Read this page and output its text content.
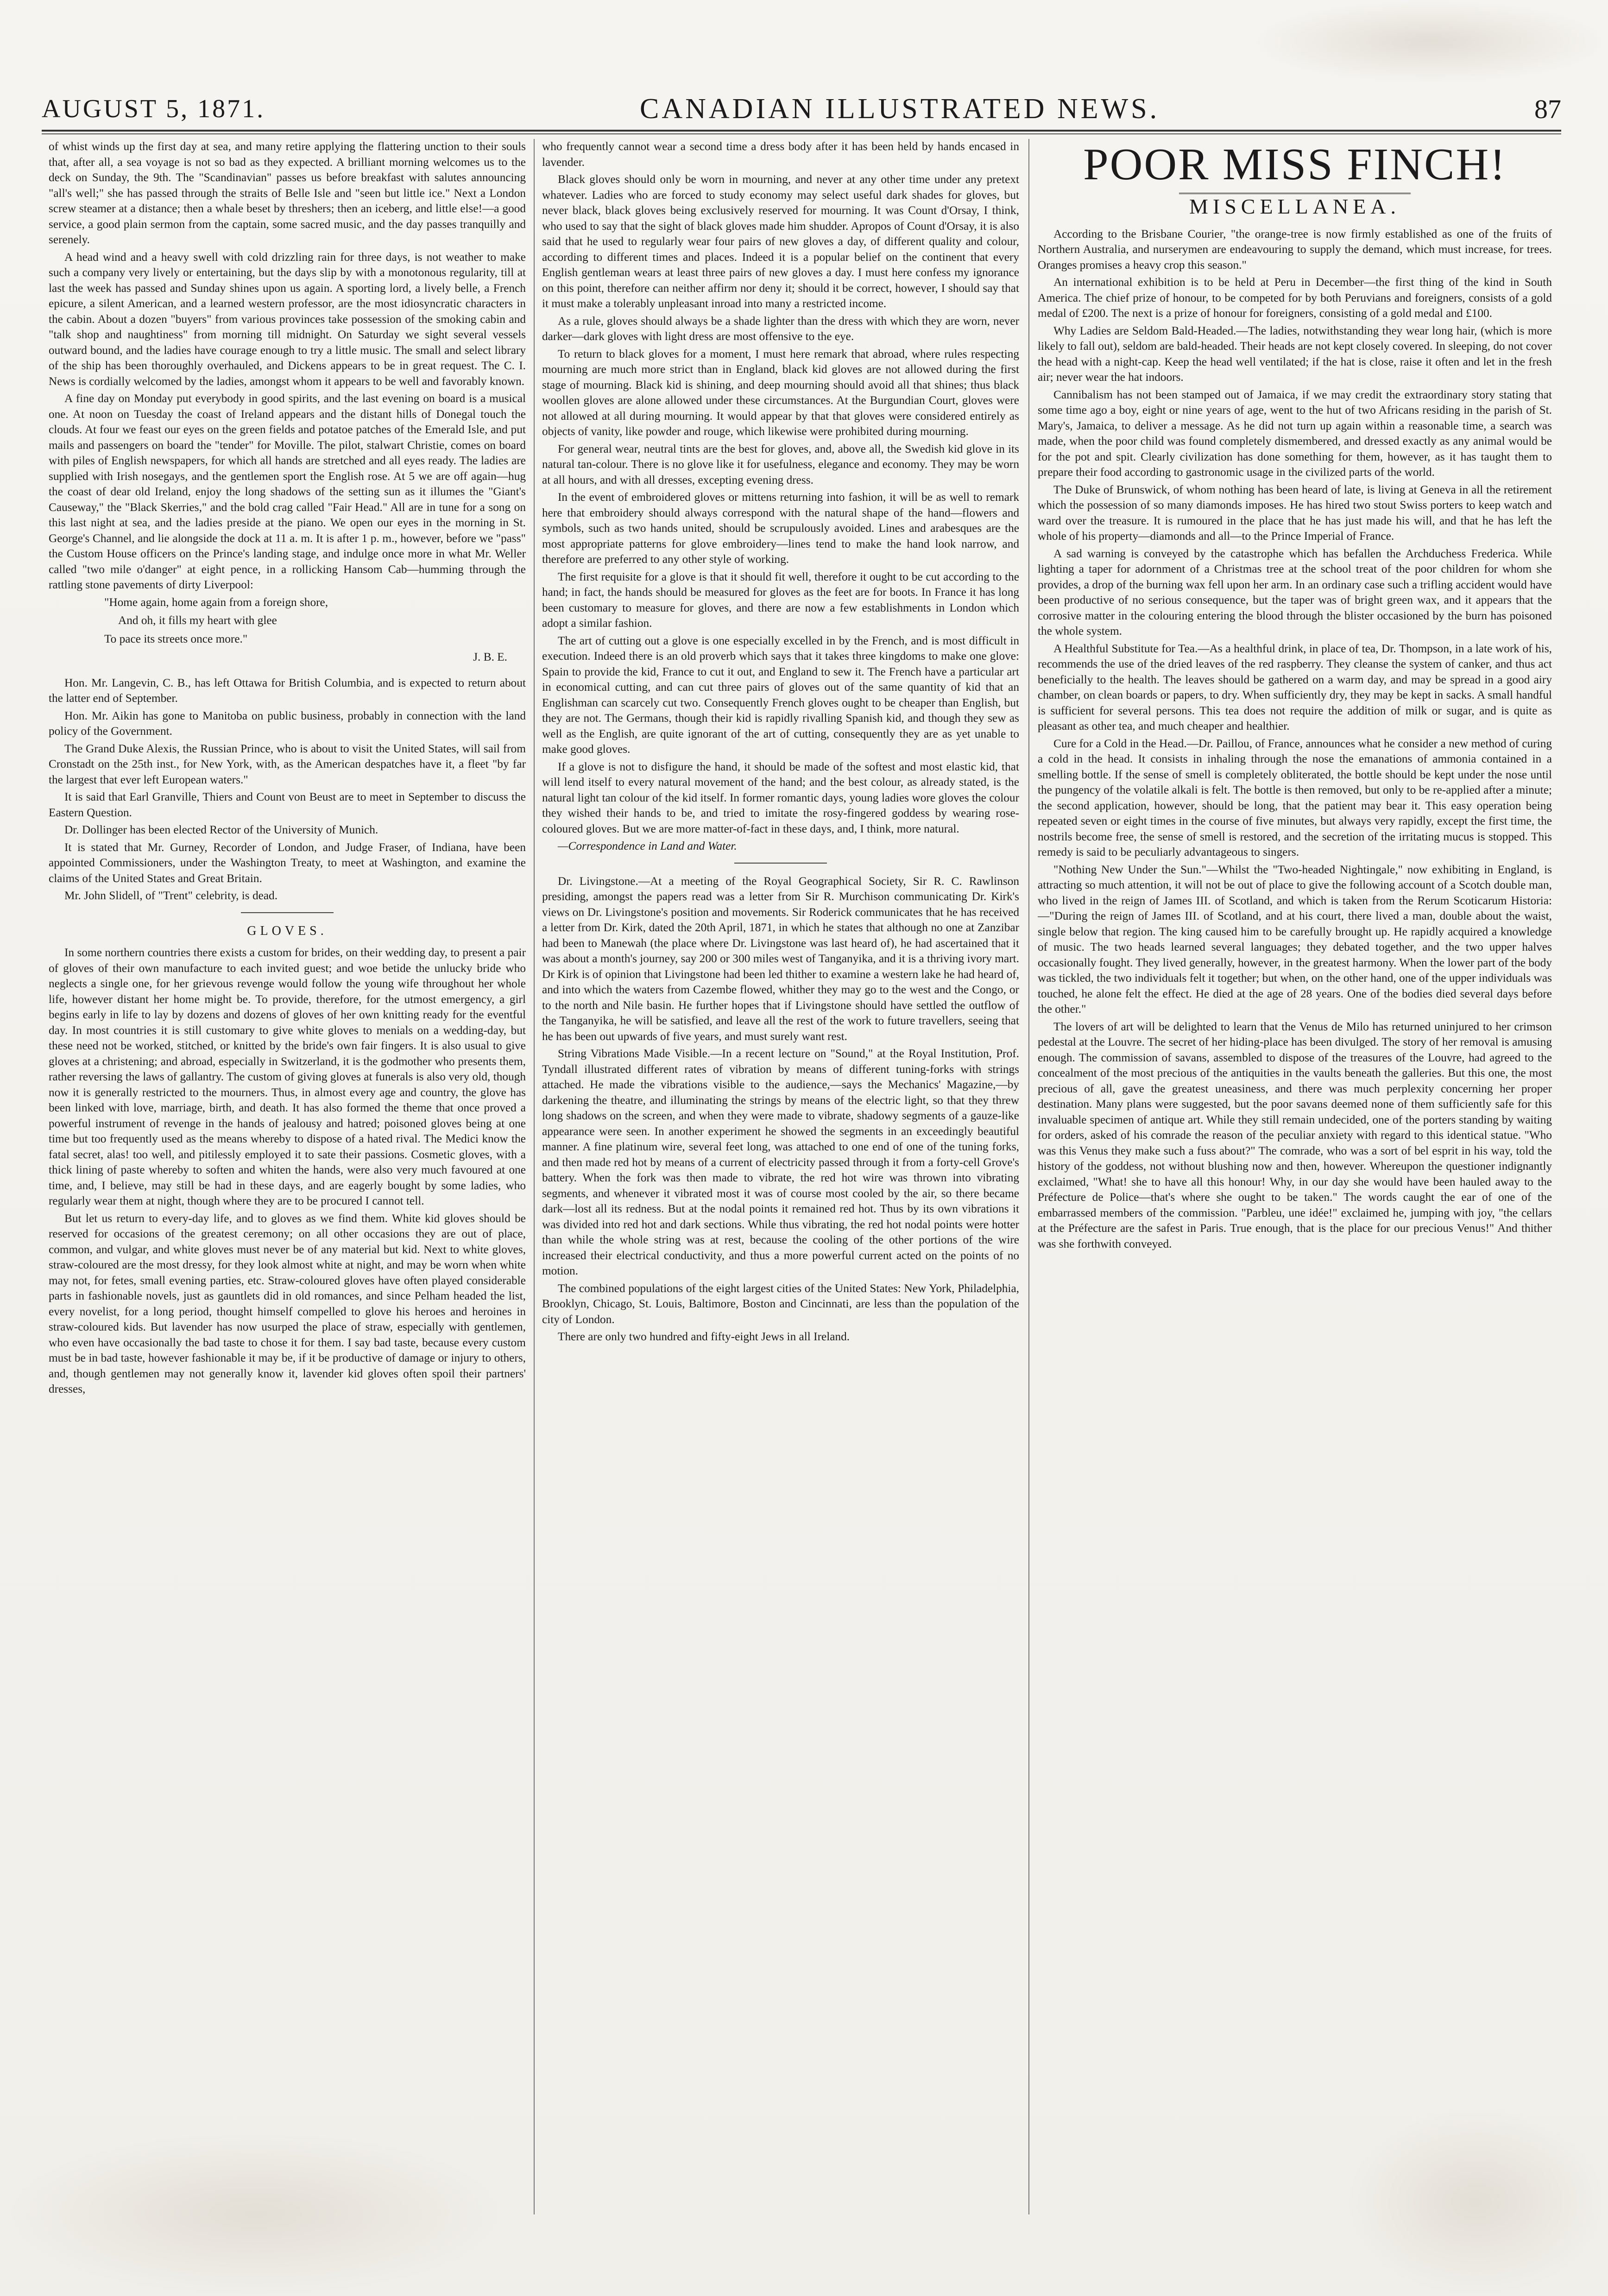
AUGUST 5, 1871.	CANADIAN ILLUSTRATED NEWS.	87

of whist winds up the first day at sea, and many retire applying the flattering unction to their souls that, after all, a sea voyage is not so bad as they expected. A brilliant morning welcomes us to the deck on Sunday, the 9th. The "Scandinavian" passes us before breakfast with salutes announcing "all's well;" she has passed through the straits of Belle Isle and "seen but little ice." Next a London screw steamer at a distance; then a whale beset by threshers; then an iceberg, and little else!—a good service, a good plain sermon from the captain, some sacred music, and the day passes tranquilly and serenely.

A head wind and a heavy swell with cold drizzling rain for three days, is not weather to make such a company very lively or entertaining, but the days slip by with a monotonous regularity, till at last the week has passed and Sunday shines upon us again. A sporting lord, a lively belle, a French epicure, a silent American, and a learned western professor, are the most idiosyncratic characters in the cabin. About a dozen "buyers" from various provinces take possession of the smoking cabin and "talk shop and naughtiness" from morning till midnight. On Saturday we sight several vessels outward bound, and the ladies have courage enough to try a little music. The small and select library of the ship has been thoroughly overhauled, and Dickens appears to be in great request. The C. I. News is cordially welcomed by the ladies, amongst whom it appears to be well and favorably known.

A fine day on Monday put everybody in good spirits, and the last evening on board is a musical one. At noon on Tuesday the coast of Ireland appears and the distant hills of Donegal touch the clouds. At four we feast our eyes on the green fields and potatoe patches of the Emerald Isle, and put mails and passengers on board the "tender" for Moville. The pilot, stalwart Christie, comes on board with piles of English newspapers, for which all hands are stretched and all eyes ready. The ladies are supplied with Irish nosegays, and the gentlemen sport the English rose. At 5 we are off again—hug the coast of dear old Ireland, enjoy the long shadows of the setting sun as it illumes the "Giant's Causeway," the "Black Skerries," and the bold crag called "Fair Head." All are in tune for a song on this last night at sea, and the ladies preside at the piano. We open our eyes in the morning in St. George's Channel, and lie alongside the dock at 11 a. m. It is after 1 p. m., however, before we "pass" the Custom House officers on the Prince's landing stage, and indulge once more in what Mr. Weller called "two mile o'danger" at eight pence, in a rollicking Hansom Cab—humming through the rattling stone pavements of dirty Liverpool:

"Home again, home again from a foreign shore,

And oh, it fills my heart with glee

To pace its streets once more."

J. B. E.

Hon. Mr. Langevin, C. B., has left Ottawa for British Columbia, and is expected to return about the latter end of September.

Hon. Mr. Aikin has gone to Manitoba on public business, probably in connection with the land policy of the Government.

The Grand Duke Alexis, the Russian Prince, who is about to visit the United States, will sail from Cronstadt on the 25th inst., for New York, with, as the American despatches have it, a fleet "by far the largest that ever left European waters."

It is said that Earl Granville, Thiers and Count von Beust are to meet in September to discuss the Eastern Question.

Dr. Dollinger has been elected Rector of the University of Munich.

It is stated that Mr. Gurney, Recorder of London, and Judge Fraser, of Indiana, have been appointed Commissioners, under the Washington Treaty, to meet at Washington, and examine the claims of the United States and Great Britain.

Mr. John Slidell, of "Trent" celebrity, is dead.

GLOVES.

In some northern countries there exists a custom for brides, on their wedding day, to present a pair of gloves of their own manufacture to each invited guest; and woe betide the unlucky bride who neglects a single one, for her grievous revenge would follow the young wife throughout her whole life, however distant her home might be. To provide, therefore, for the utmost emergency, a girl begins early in life to lay by dozens and dozens of gloves of her own knitting ready for the eventful day. In most countries it is still customary to give white gloves to menials on a wedding-day, but these need not be worked, stitched, or knitted by the bride's own fair fingers. It is also usual to give gloves at a christening; and abroad, especially in Switzerland, it is the godmother who presents them, rather reversing the laws of gallantry. The custom of giving gloves at funerals is also very old, though now it is generally restricted to the mourners. Thus, in almost every age and country, the glove has been linked with love, marriage, birth, and death. It has also formed the theme that once proved a powerful instrument of revenge in the hands of jealousy and hatred; poisoned gloves being at one time but too frequently used as the means whereby to dispose of a hated rival. The Medici know the fatal secret, alas! too well, and pitilessly employed it to sate their passions. Cosmetic gloves, with a thick lining of paste whereby to soften and whiten the hands, were also very much favoured at one time, and, I believe, may still be had in these days, and are eagerly bought by some ladies, who regularly wear them at night, though where they are to be procured I cannot tell.

But let us return to every-day life, and to gloves as we find them. White kid gloves should be reserved for occasions of the greatest ceremony; on all other occasions they are out of place, common, and vulgar, and white gloves must never be of any material but kid. Next to white gloves, straw-coloured are the most dressy, for they look almost white at night, and may be worn when white may not, for fetes, small evening parties, etc. Straw-coloured gloves have often played considerable parts in fashionable novels, just as gauntlets did in old romances, and since Pelham headed the list, every novelist, for a long period, thought himself compelled to glove his heroes and heroines in straw-coloured kids. But lavender has now usurped the place of straw, especially with gentlemen, who even have occasionally the bad taste to chose it for them. I say bad taste, because every custom must be in bad taste, however fashionable it may be, if it be productive of damage or injury to others, and, though gentlemen may not generally know it, lavender kid gloves often spoil their partners' dresses,

who frequently cannot wear a second time a dress body after it has been held by hands encased in lavender.

Black gloves should only be worn in mourning, and never at any other time under any pretext whatever. Ladies who are forced to study economy may select useful dark shades for gloves, but never black, black gloves being exclusively reserved for mourning. It was Count d'Orsay, I think, who used to say that the sight of black gloves made him shudder. Apropos of Count d'Orsay, it is also said that he used to regularly wear four pairs of new gloves a day, of different quality and colour, according to different times and places. Indeed it is a popular belief on the continent that every English gentleman wears at least three pairs of new gloves a day. I must here confess my ignorance on this point, therefore can neither affirm nor deny it; should it be correct, however, I should say that it must make a tolerably unpleasant inroad into many a restricted income.

As a rule, gloves should always be a shade lighter than the dress with which they are worn, never darker—dark gloves with light dress are most offensive to the eye.

To return to black gloves for a moment, I must here remark that abroad, where rules respecting mourning are much more strict than in England, black kid gloves are not allowed during the first stage of mourning. Black kid is shining, and deep mourning should avoid all that shines; thus black woollen gloves are alone allowed under these circumstances. At the Burgundian Court, gloves were not allowed at all during mourning. It would appear by that that gloves were considered entirely as objects of vanity, like powder and rouge, which likewise were prohibited during mourning.

For general wear, neutral tints are the best for gloves, and, above all, the Swedish kid glove in its natural tan-colour. There is no glove like it for usefulness, elegance and economy. They may be worn at all hours, and with all dresses, excepting evening dress.

In the event of embroidered gloves or mittens returning into fashion, it will be as well to remark here that embroidery should always correspond with the natural shape of the hand—flowers and symbols, such as two hands united, should be scrupulously avoided. Lines and arabesques are the most appropriate patterns for glove embroidery—lines tend to make the hand look narrow, and therefore are preferred to any other style of working.

The first requisite for a glove is that it should fit well, therefore it ought to be cut according to the hand; in fact, the hands should be measured for gloves as the feet are for boots. In France it has long been customary to measure for gloves, and there are now a few establishments in London which adopt a similar fashion.

The art of cutting out a glove is one especially excelled in by the French, and is most difficult in execution. Indeed there is an old proverb which says that it takes three kingdoms to make one glove: Spain to provide the kid, France to cut it out, and England to sew it. The French have a particular art in economical cutting, and can cut three pairs of gloves out of the same quantity of kid that an Englishman can scarcely cut two. Consequently French gloves ought to be cheaper than English, but they are not. The Germans, though their kid is rapidly rivalling Spanish kid, and though they sew as well as the English, are quite ignorant of the art of cutting, consequently they are as yet unable to make good gloves.

If a glove is not to disfigure the hand, it should be made of the softest and most elastic kid, that will lend itself to every natural movement of the hand; and the best colour, as already stated, is the natural light tan colour of the kid itself. In former romantic days, young ladies wore gloves the colour they wished their hands to be, and tried to imitate the rosy-fingered goddess by wearing rose-coloured gloves. But we are more matter-of-fact in these days, and, I think, more natural.

—Correspondence in Land and Water.

Dr. Livingstone.—At a meeting of the Royal Geographical Society, Sir R. C. Rawlinson presiding, amongst the papers read was a letter from Sir R. Murchison communicating Dr. Kirk's views on Dr. Livingstone's position and movements. Sir Roderick communicates that he has received a letter from Dr. Kirk, dated the 20th April, 1871, in which he states that although no one at Zanzibar had been to Manewah (the place where Dr. Livingstone was last heard of), he had ascertained that it was about a month's journey, say 200 or 300 miles west of Tanganyika, and it is a thriving ivory mart. Dr Kirk is of opinion that Livingstone had been led thither to examine a western lake he had heard of, and into which the waters from Cazembe flowed, whither they may go to the west and the Congo, or to the north and Nile basin. He further hopes that if Livingstone should have settled the outflow of the Tanganyika, he will be satisfied, and leave all the rest of the work to future travellers, seeing that he has been out upwards of five years, and must surely want rest.

String Vibrations Made Visible.—In a recent lecture on "Sound," at the Royal Institution, Prof. Tyndall illustrated different rates of vibration by means of different tuning-forks with strings attached. He made the vibrations visible to the audience,—says the Mechanics' Magazine,—by darkening the theatre, and illuminating the strings by means of the electric light, so that they threw long shadows on the screen, and when they were made to vibrate, shadowy segments of a gauze-like appearance were seen. In another experiment he showed the segments in an exceedingly beautiful manner. A fine platinum wire, several feet long, was attached to one end of one of the tuning forks, and then made red hot by means of a current of electricity passed through it from a forty-cell Grove's battery. When the fork was then made to vibrate, the red hot wire was thrown into vibrating segments, and whenever it vibrated most it was of course most cooled by the air, so there became dark—lost all its redness. But at the nodal points it remained red hot. Thus by its own vibrations it was divided into red hot and dark sections. While thus vibrating, the red hot nodal points were hotter than while the whole string was at rest, because the cooling of the other portions of the wire increased their electrical conductivity, and thus a more powerful current acted on the points of no motion.

The combined populations of the eight largest cities of the United States: New York, Philadelphia, Brooklyn, Chicago, St. Louis, Baltimore, Boston and Cincinnati, are less than the population of the city of London.

There are only two hundred and fifty-eight Jews in all Ireland.

POOR MISS FINCH!

MISCELLANEA.

According to the Brisbane Courier, "the orange-tree is now firmly established as one of the fruits of Northern Australia, and nurserymen are endeavouring to supply the demand, which must increase, for trees. Oranges promises a heavy crop this season."

An international exhibition is to be held at Peru in December—the first thing of the kind in South America. The chief prize of honour, to be competed for by both Peruvians and foreigners, consists of a gold medal of £200. The next is a prize of honour for foreigners, consisting of a gold medal and £100.

Why Ladies are Seldom Bald-Headed.—The ladies, notwithstanding they wear long hair, (which is more likely to fall out), seldom are bald-headed. Their heads are not kept closely covered. In sleeping, do not cover the head with a night-cap. Keep the head well ventilated; if the hat is close, raise it often and let in the fresh air; never wear the hat indoors.

Cannibalism has not been stamped out of Jamaica, if we may credit the extraordinary story stating that some time ago a boy, eight or nine years of age, went to the hut of two Africans residing in the parish of St. Mary's, Jamaica, to deliver a message. As he did not turn up again within a reasonable time, a search was made, when the poor child was found completely dismembered, and dressed exactly as any animal would be for the pot and spit. Clearly civilization has done something for them, however, as it has taught them to prepare their food according to gastronomic usage in the civilized parts of the world.

The Duke of Brunswick, of whom nothing has been heard of late, is living at Geneva in all the retirement which the possession of so many diamonds imposes. He has hired two stout Swiss porters to keep watch and ward over the treasure. It is rumoured in the place that he has just made his will, and that he has left the whole of his property—diamonds and all—to the Prince Imperial of France.

A sad warning is conveyed by the catastrophe which has befallen the Archduchess Frederica. While lighting a taper for adornment of a Christmas tree at the school treat of the poor children for whom she provides, a drop of the burning wax fell upon her arm. In an ordinary case such a trifling accident would have been productive of no serious consequence, but the taper was of bright green wax, and it appears that the corrosive matter in the colouring entering the blood through the blister occasioned by the burn has poisoned the whole system.

A Healthful Substitute for Tea.—As a healthful drink, in place of tea, Dr. Thompson, in a late work of his, recommends the use of the dried leaves of the red raspberry. They cleanse the system of canker, and thus act beneficially to the health. The leaves should be gathered on a warm day, and may be spread in a good airy chamber, on clean boards or papers, to dry. When sufficiently dry, they may be kept in sacks. A small handful is sufficient for several persons. This tea does not require the addition of milk or sugar, and is quite as pleasant as other tea, and much cheaper and healthier.

Cure for a Cold in the Head.—Dr. Paillou, of France, announces what he consider a new method of curing a cold in the head. It consists in inhaling through the nose the emanations of ammonia contained in a smelling bottle. If the sense of smell is completely obliterated, the bottle should be kept under the nose until the pungency of the volatile alkali is felt. The bottle is then removed, but only to be re-applied after a minute; the second application, however, should be long, that the patient may bear it. This easy operation being repeated seven or eight times in the course of five minutes, but always very rapidly, except the first time, the nostrils become free, the sense of smell is restored, and the secretion of the irritating mucus is stopped. This remedy is said to be peculiarly advantageous to singers.

"Nothing New Under the Sun."—Whilst the "Two-headed Nightingale," now exhibiting in England, is attracting so much attention, it will not be out of place to give the following account of a Scotch double man, who lived in the reign of James III. of Scotland, and which is taken from the Rerum Scoticarum Historia:—"During the reign of James III. of Scotland, and at his court, there lived a man, double about the waist, single below that region. The king caused him to be carefully brought up. He rapidly acquired a knowledge of music. The two heads learned several languages; they debated together, and the two upper halves occasionally fought. They lived generally, however, in the greatest harmony. When the lower part of the body was tickled, the two individuals felt it together; but when, on the other hand, one of the upper individuals was touched, he alone felt the effect. He died at the age of 28 years. One of the bodies died several days before the other."

The lovers of art will be delighted to learn that the Venus de Milo has returned uninjured to her crimson pedestal at the Louvre. The secret of her hiding-place has been divulged. The story of her removal is amusing enough. The commission of savans, assembled to dispose of the treasures of the Louvre, had agreed to the concealment of the most precious of the antiquities in the vaults beneath the galleries. But this one, the most precious of all, gave the greatest uneasiness, and there was much perplexity concerning her proper destination. Many plans were suggested, but the poor savans deemed none of them sufficiently safe for this invaluable specimen of antique art. While they still remain undecided, one of the porters standing by waiting for orders, asked of his comrade the reason of the peculiar anxiety with regard to this identical statue. "Who was this Venus they make such a fuss about?" The comrade, who was a sort of bel esprit in his way, told the history of the goddess, not without blushing now and then, however. Whereupon the questioner indignantly exclaimed, "What! she to have all this honour! Why, in our day she would have been hauled away to the Préfecture de Police—that's where she ought to be taken." The words caught the ear of one of the embarrassed members of the commission. "Parbleu, une idée!" exclaimed he, jumping with joy, "the cellars at the Préfecture are the safest in Paris. True enough, that is the place for our precious Venus!" And thither was she forthwith conveyed.
